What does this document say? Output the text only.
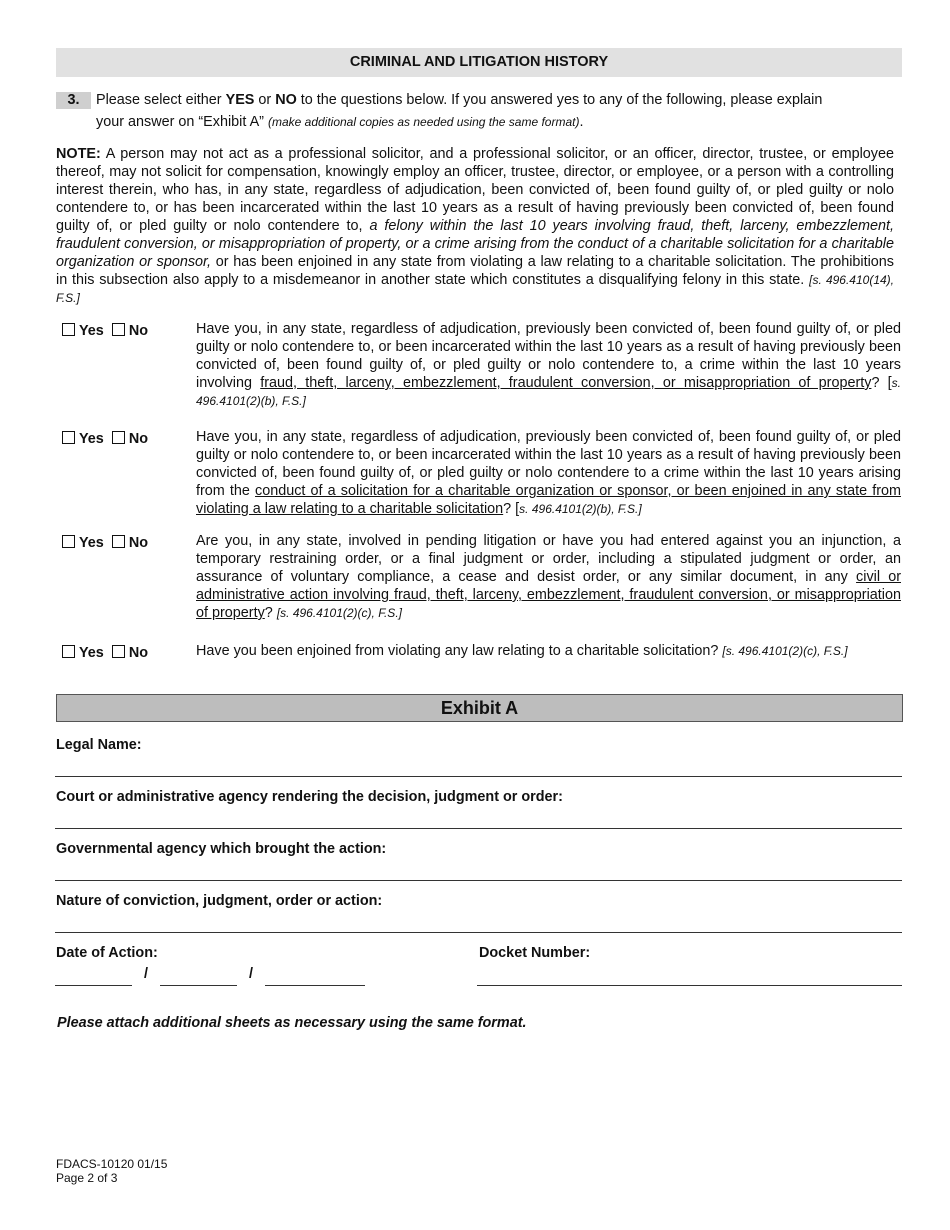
CRIMINAL AND LITIGATION HISTORY
3.	Please select either YES or NO to the questions below. If you answered yes to any of the following, please explain
your answer on “Exhibit A” (make additional copies as needed using the same format).
NOTE: A person may not act as a professional solicitor, and a professional solicitor, or an officer, director, trustee, or employee thereof, may not solicit for compensation, knowingly employ an officer, trustee, director, or employee, or a person with a controlling interest therein, who has, in any state, regardless of adjudication, been convicted of, been found guilty of, or pled guilty or nolo contendere to, or has been incarcerated within the last 10 years as a result of having previously been convicted of, been found guilty of, or pled guilty or nolo contendere to, a felony within the last 10 years involving fraud, theft, larceny, embezzlement, fraudulent conversion, or misappropriation of property, or a crime arising from the conduct of a charitable solicitation for a charitable organization or sponsor, or has been enjoined in any state from violating a law relating to a charitable solicitation. The prohibitions in this subsection also apply to a misdemeanor in another state which constitutes a disqualifying felony in this state. [s. 496.410(14), F.S.]
Yes No	Have you, in any state, regardless of adjudication, previously been convicted of, been found guilty of, or pled guilty or nolo contendere to, or been incarcerated within the last 10 years as a result of having previously been convicted of, been found guilty of, or pled guilty or nolo contendere to, a crime within the last 10 years involving fraud, theft, larceny, embezzlement, fraudulent conversion, or misappropriation of property? [s. 496.4101(2)(b), F.S.]
Yes No	Have you, in any state, regardless of adjudication, previously been convicted of, been found guilty of, or pled guilty or nolo contendere to, or been incarcerated within the last 10 years as a result of having previously been convicted of, been found guilty of, or pled guilty or nolo contendere to a crime within the last 10 years arising from the conduct of a solicitation for a charitable organization or sponsor, or been enjoined in any state from violating a law relating to a charitable solicitation? [s. 496.4101(2)(b), F.S.]
Yes No	Are you, in any state, involved in pending litigation or have you had entered against you an injunction, a temporary restraining order, or a final judgment or order, including a stipulated judgment or order, an assurance of voluntary compliance, a cease and desist order, or any similar document, in any civil or administrative action involving fraud, theft, larceny, embezzlement, fraudulent conversion, or misappropriation of property? [s. 496.4101(2)(c), F.S.]
Yes No	Have you been enjoined from violating any law relating to a charitable solicitation? [s. 496.4101(2)(c), F.S.]
Exhibit A
Legal Name:
Court or administrative agency rendering the decision, judgment or order:
Governmental agency which brought the action:
Nature of conviction, judgment, order or action:
Date of Action:	Docket Number:
/	/
Please attach additional sheets as necessary using the same format.
FDACS-10120 01/15
Page 2 of 3
